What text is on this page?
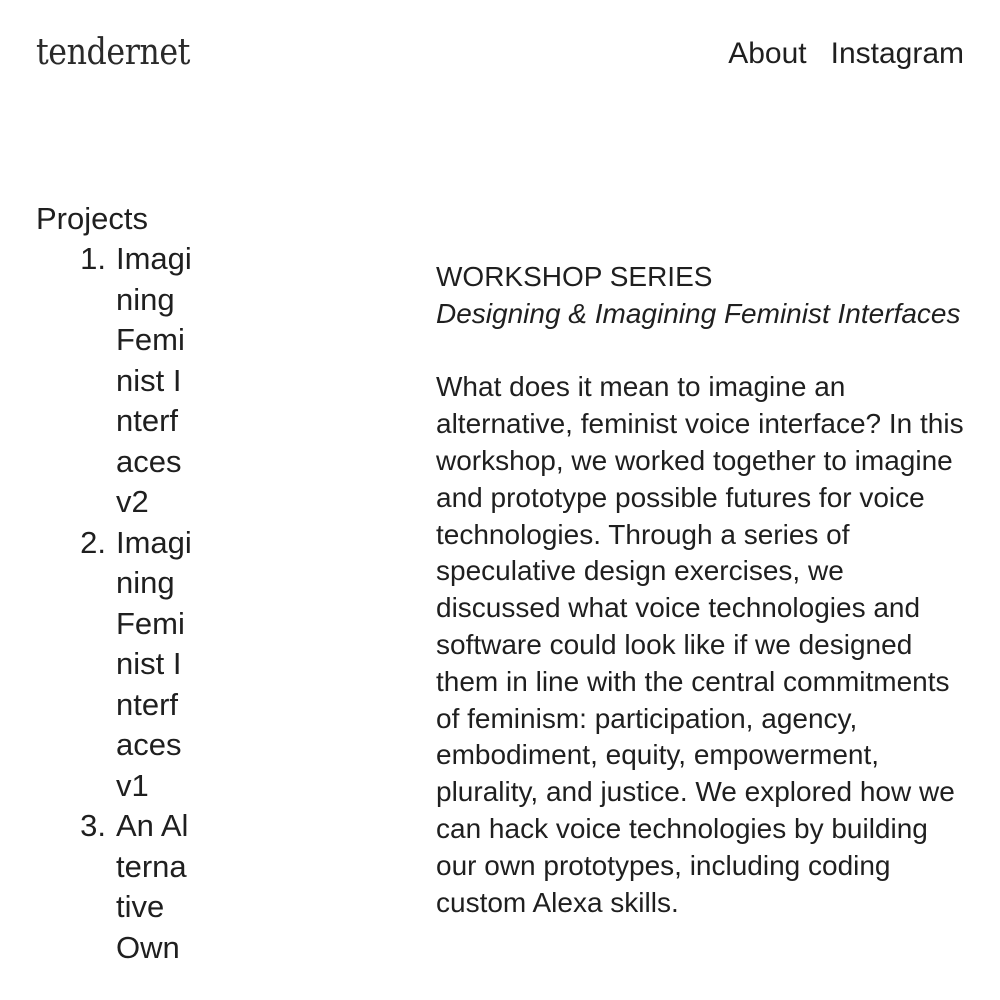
tendernet	About Instagram
Projects
1. Imagining Feminist Interfaces v2
2. Imagining Feminist Interfaces v1
3. An Alternative Own

WORKSHOP SERIES

Designing & Imagining Feminist Interfaces

What does it mean to imagine an alternative, feminist voice interface? In this workshop, we worked together to imagine and prototype possible futures for voice technologies. Through a series of speculative design exercises, we discussed what voice technologies and software could look like if we designed them in line with the central commitments of feminism: participation, agency, embodiment, equity, empowerment, plurality, and justice. We explored how we can hack voice technologies by building our own prototypes, including coding custom Alexa skills.
